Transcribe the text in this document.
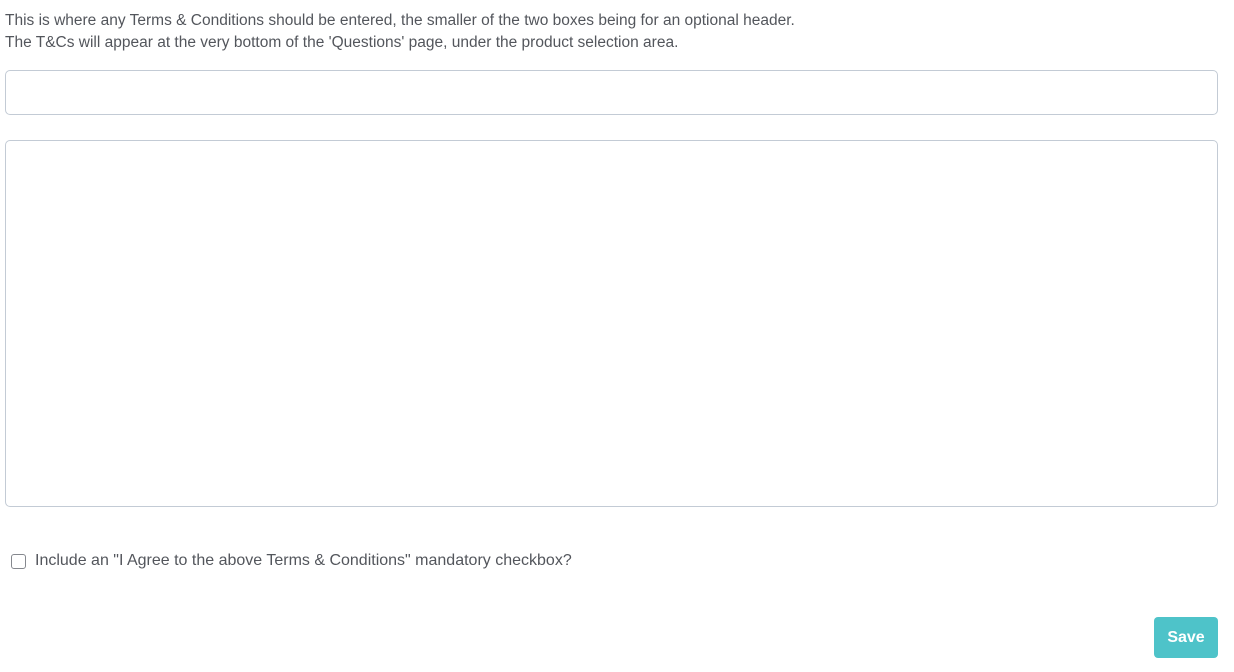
This is where any Terms & Conditions should be entered, the smaller of the two boxes being for an optional header.
The T&Cs will appear at the very bottom of the 'Questions' page, under the product selection area.
Include an "I Agree to the above Terms & Conditions" mandatory checkbox?
Save
